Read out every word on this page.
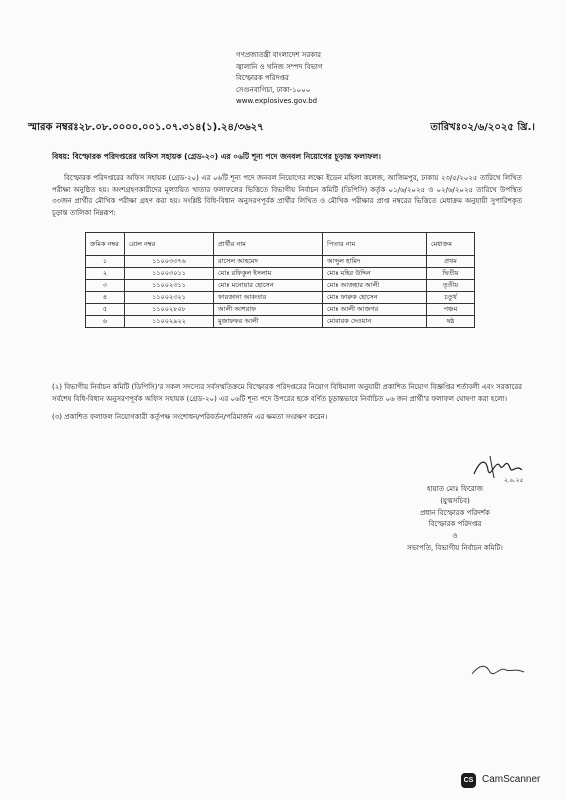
গণপ্রজাতন্ত্রী বাংলাদেশ সরকার
জ্বালানি ও খনিজ সম্পদ বিভাগ
বিস্ফোরক পরিদপ্তর
সেগুনবাগিচা, ঢাকা-১০০০
www.explosives.gov.bd
স্মারক নম্বরঃ২৮.০৮.০০০০.০০১.০৭.৩১৪(১).২৪/৩৬২৭	তারিখঃ০২/৬/২০২৫ খ্রি.।
বিষয়: বিস্ফোরক পরিদপ্তরের অফিস সহায়ক (গ্রেড-২০) এর ০৬টি শূন্য পদে জনবল নিয়োগের চূড়ান্ত ফলাফল।
বিস্ফোরক পরিদপ্তরের অফিস সহায়ক (গ্রেড-২০) এর ০৬টি শূন্য পদে জনবল নিয়োগের লক্ষ্যে ইডেন মহিলা কলেজ, আজিমপুর, ঢাকায় ২৩/৫/২০২৫ তারিখে লিখিত পরীক্ষা অনুষ্ঠিত হয়। অংশগ্রহণকারীদের মূল্যায়িত খাতার ফলাফলের ভিত্তিতে বিভাগীয় নির্বাচন কমিটি (ডিপিসি) কর্তৃক ০১/৬/২০২৫ ও ০২/৬/২০২৫ তারিখে উপস্থিত ৩৩জন প্রার্থীর মৌখিক পরীক্ষা গ্রহণ করা হয়। সংশ্লিষ্ট বিধি-বিধান অনুসরণপূর্বক প্রার্থীর লিখিত ও মৌখিক পরীক্ষার প্রাপ্ত নম্বরের ভিত্তিতে মেধাক্রম অনুযায়ী সুপারিশকৃত চূড়ান্ত তালিকা নিম্নরূপ:
ক্রমিক নম্বর	রোল নম্বর	প্রার্থীর নাম	পিতার নাম	মেধাক্রম
১	১১০০৩৩৭৬	রাসেল আহমেদ	আব্দুল হামিদ	প্রথম
২	১১০০৩০১১	মোঃ রফিকুল ইসলাম	মোঃ মহির উদ্দিন	দ্বিতীয়
৩	১১০০২৩১১	মোঃ মনোয়ার হোসেন	মোঃ আজহার আলী	তৃতীয়
৪	১১০০২৩২১	ফারজানা আকতার	মোঃ ফারুক হোসেন	চতুর্থ
৫	১১০০২৮০৮	আলী আশরাফ	মোঃ আলী আজগর	পঞ্চম
৬	১১০০২৯২২	মুজাফফর আলী	মোবারক দেওয়ান	ষষ্ঠ
(২) বিভাগীয় নির্বাচন কমিটি (ডিপিসি)'র সকল সদস্যের সর্বসম্মতিক্রমে বিস্ফোরক পরিদপ্তরের নিয়োগ বিধিমালা অনুযায়ী প্রকাশিত নিয়োগ বিজ্ঞপ্তির শর্তাবলী এবং সরকারের সর্বশেষ বিধি-বিধান অনুসরণপূর্বক অফিস সহায়ক (গ্রেড-২০) এর ০৬টি শূন্য পদে উপরের ছকে বর্ণিত চূড়ান্তভাবে নির্বাচিত ০৬ জন প্রার্থী'র ফলাফল ঘোষণা করা হলো।
(৩) প্রকাশিত ফলাফল নিয়োগকারী কর্তৃপক্ষ সংশোধন/পরিবর্তন/পরিমার্জন এর ক্ষমতা সংরক্ষণ করেন।
২.৬.২৫
হায়াত মোঃ ফিরোজ
(যুগ্মসচিব)
প্রধান বিস্ফোরক পরিদর্শক
বিস্ফোরক পরিদপ্তর
ও
সভাপতি, বিভাগীয় নির্বাচন কমিটি।
CS CamScanner
